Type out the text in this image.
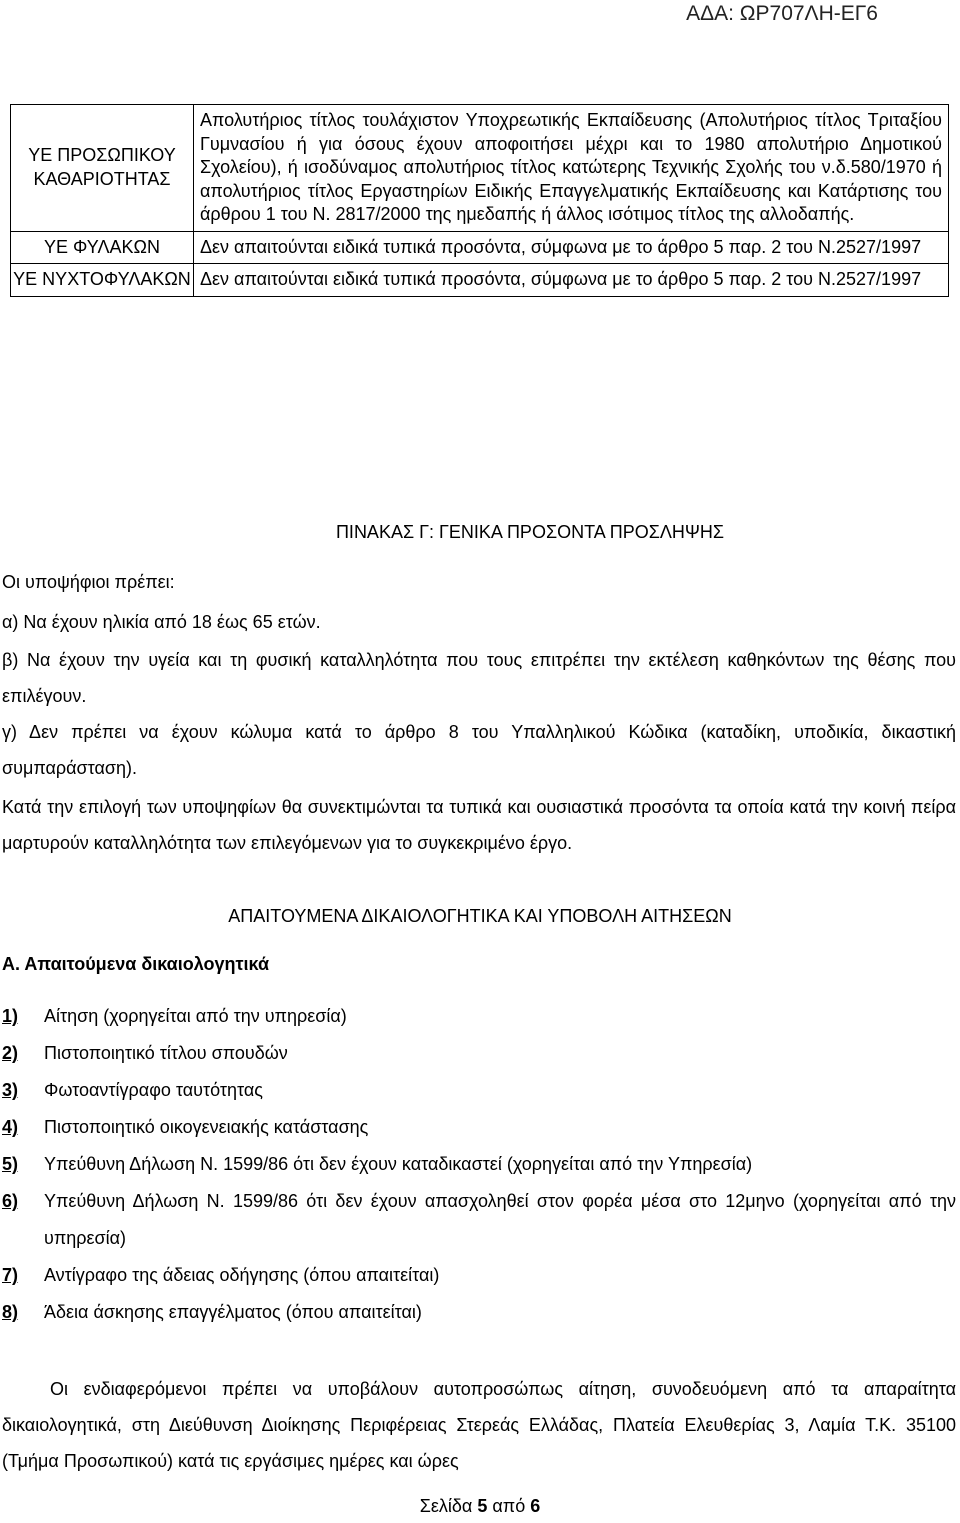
ΑΔΑ: ΩΡ707ΛΗ-ΕΓ6
ΥΕ ΠΡΟΣΩΠΙΚΟΥ ΚΑΘΑΡΙΟΤΗΤΑΣ	Απολυτήριος τίτλος τουλάχιστον Υποχρεωτικής Εκπαίδευσης (Απολυτήριος τίτλος Τριταξίου Γυμνασίου ή για όσους έχουν αποφοιτήσει μέχρι και το 1980 απολυτήριο Δημοτικού Σχολείου), ή ισοδύναμος απολυτήριος τίτλος κατώτερης Τεχνικής Σχολής του ν.δ.580/1970 ή απολυτήριος τίτλος Εργαστηρίων Ειδικής Επαγγελματικής Εκπαίδευσης και Κατάρτισης του άρθρου 1 του Ν. 2817/2000 της ημεδαπής ή άλλος ισότιμος τίτλος της αλλοδαπής.
ΥΕ ΦΥΛΑΚΩΝ	Δεν απαιτούνται ειδικά τυπικά προσόντα, σύμφωνα με το άρθρο 5 παρ. 2 του Ν.2527/1997
ΥΕ ΝΥΧΤΟΦΥΛΑΚΩΝ	Δεν απαιτούνται ειδικά τυπικά προσόντα, σύμφωνα με το άρθρο 5 παρ. 2 του Ν.2527/1997
ΠΙΝΑΚΑΣ Γ: ΓΕΝΙΚΑ ΠΡΟΣΟΝΤΑ ΠΡΟΣΛΗΨΗΣ
Οι υποψήφιοι πρέπει:
α) Να έχουν ηλικία από 18 έως 65 ετών.
β) Να έχουν την υγεία και τη φυσική καταλληλότητα που τους επιτρέπει την εκτέλεση καθηκόντων της θέσης που επιλέγουν.
γ) Δεν πρέπει να έχουν κώλυμα κατά το άρθρο 8 του Υπαλληλικού Κώδικα (καταδίκη, υποδικία, δικαστική συμπαράσταση).
Κατά την επιλογή των υποψηφίων θα συνεκτιμώνται τα τυπικά και ουσιαστικά προσόντα τα οποία κατά την κοινή πείρα μαρτυρούν καταλληλότητα των επιλεγόμενων για το συγκεκριμένο έργο.
ΑΠΑΙΤΟΥΜΕΝΑ ΔΙΚΑΙΟΛΟΓΗΤΙΚΑ ΚΑΙ ΥΠΟΒΟΛΗ ΑΙΤΗΣΕΩΝ
Α. Απαιτούμενα δικαιολογητικά
1)	Αίτηση (χορηγείται από την υπηρεσία)
2)	Πιστοποιητικό τίτλου σπουδών
3)	Φωτοαντίγραφο ταυτότητας
4)	Πιστοποιητικό οικογενειακής κατάστασης
5)	Υπεύθυνη Δήλωση Ν. 1599/86 ότι δεν έχουν καταδικαστεί (χορηγείται από την Υπηρεσία)
6)	Υπεύθυνη Δήλωση Ν. 1599/86 ότι δεν έχουν απασχοληθεί στον φορέα μέσα στο 12μηνο (χορηγείται από την υπηρεσία)
7)	Αντίγραφο της άδειας οδήγησης (όπου απαιτείται)
8)	Άδεια άσκησης επαγγέλματος (όπου απαιτείται)
Οι ενδιαφερόμενοι πρέπει να υποβάλουν αυτοπροσώπως αίτηση, συνοδευόμενη από τα απαραίτητα δικαιολογητικά, στη Διεύθυνση Διοίκησης Περιφέρειας Στερεάς Ελλάδας, Πλατεία Ελευθερίας 3, Λαμία Τ.Κ. 35100 (Τμήμα Προσωπικού) κατά τις εργάσιμες ημέρες και ώρες
Σελίδα 5 από 6
